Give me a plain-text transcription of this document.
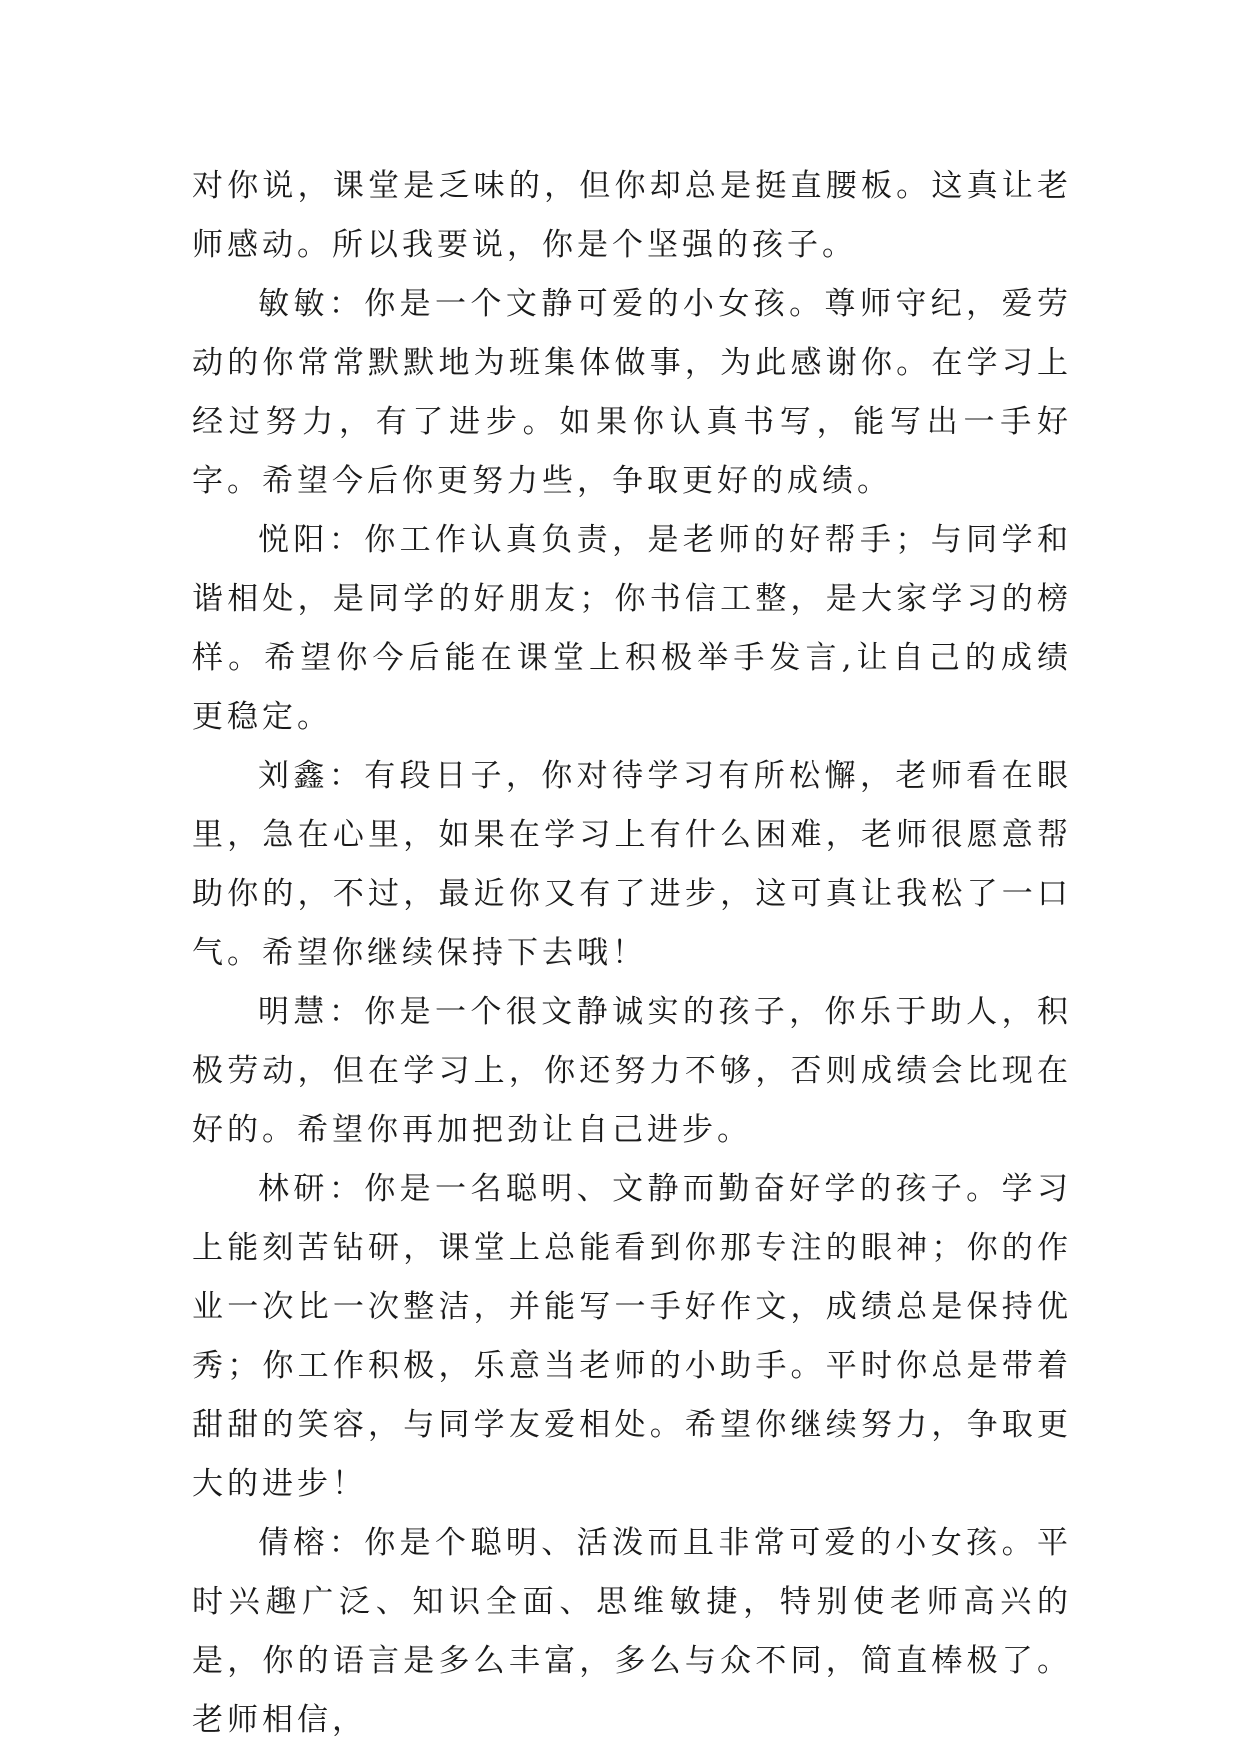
对你说，课堂是乏味的，但你却总是挺直腰板。这真让老师感动。所以我要说，你是个坚强的孩子。

敏敏：你是一个文静可爱的小女孩。尊师守纪，爱劳动的你常常默默地为班集体做事，为此感谢你。在学习上经过努力，有了进步。如果你认真书写，能写出一手好字。希望今后你更努力些，争取更好的成绩。

悦阳：你工作认真负责，是老师的好帮手；与同学和谐相处，是同学的好朋友；你书信工整，是大家学习的榜样。希望你今后能在课堂上积极举手发言,让自己的成绩更稳定。

刘鑫：有段日子，你对待学习有所松懈，老师看在眼里，急在心里，如果在学习上有什么困难，老师很愿意帮助你的，不过，最近你又有了进步，这可真让我松了一口气。希望你继续保持下去哦！

明慧：你是一个很文静诚实的孩子，你乐于助人，积极劳动，但在学习上，你还努力不够，否则成绩会比现在好的。希望你再加把劲让自己进步。

林研：你是一名聪明、文静而勤奋好学的孩子。学习上能刻苦钻研，课堂上总能看到你那专注的眼神；你的作业一次比一次整洁，并能写一手好作文，成绩总是保持优秀；你工作积极，乐意当老师的小助手。平时你总是带着甜甜的笑容，与同学友爱相处。希望你继续努力，争取更大的进步！

倩榕：你是个聪明、活泼而且非常可爱的小女孩。平时兴趣广泛、知识全面、思维敏捷，特别使老师高兴的是，你的语言是多么丰富，多么与众不同，简直棒极了。老师相信，
